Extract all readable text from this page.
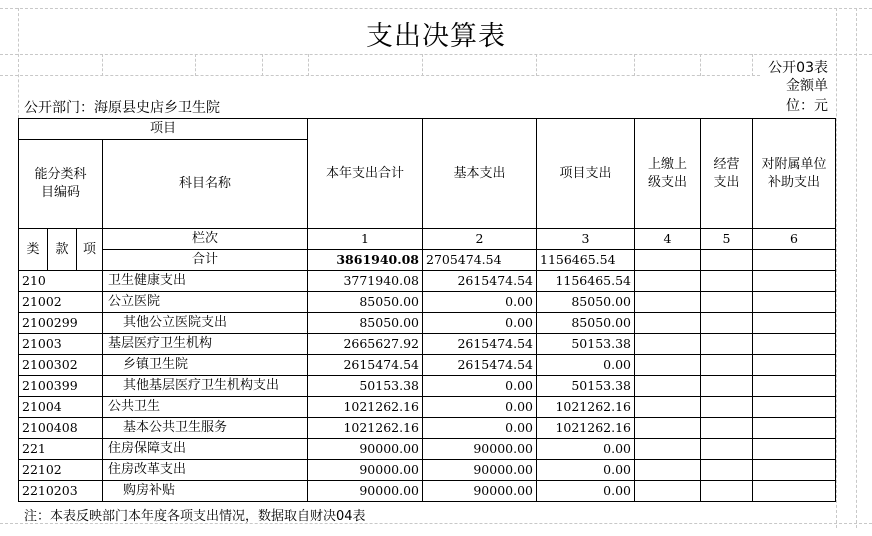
支出决算表
公开03表
金额单位：元
公开部门：海原县史店乡卫生院
项目				本年支出合计	基本支出	项目支出	上缴上级支出	经营支出	对附属单位补助支出
能分类科目编码			科目名称						
类	款	项	栏次	1	2	3	4	5	6
			合计	3861940.08	2705474.54	1156465.54			
210			卫生健康支出	3771940.08	2615474.54	1156465.54			
21002			公立医院	85050.00	0.00	85050.00			
2100299			其他公立医院支出	85050.00	0.00	85050.00			
21003			基层医疗卫生机构	2665627.92	2615474.54	50153.38			
2100302			乡镇卫生院	2615474.54	2615474.54	0.00			
2100399			其他基层医疗卫生机构支出	50153.38	0.00	50153.38			
21004			公共卫生	1021262.16	0.00	1021262.16			
2100408			基本公共卫生服务	1021262.16	0.00	1021262.16			
221			住房保障支出	90000.00	90000.00	0.00			
22102			住房改革支出	90000.00	90000.00	0.00			
2210203			购房补贴	90000.00	90000.00	0.00			
注：本表反映部门本年度各项支出情况，数据取自财决04表
